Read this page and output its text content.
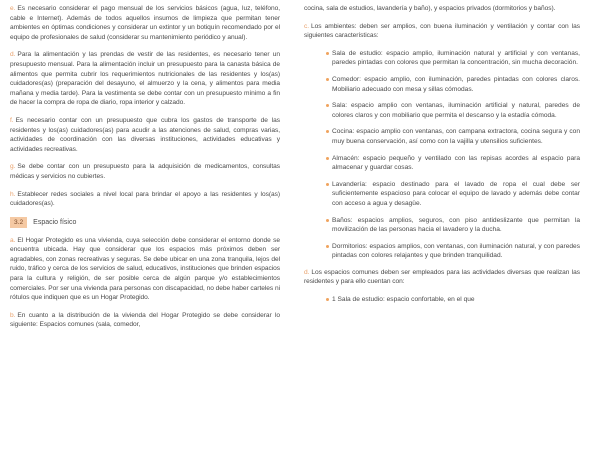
e. Es necesario considerar el pago mensual de los servicios básicos (agua, luz, teléfono, cable e Internet). Además de todos aquellos insumos de limpieza que permitan tener ambientes en óptimas condiciones y considerar un extintor y un botiquín recomendado por el equipo de profesionales de salud (considerar su mantenimiento periódico y anual).

d. Para la alimentación y las prendas de vestir de las residentes, es necesario tener un presupuesto mensual. Para la alimentación incluir un presupuesto para la canasta básica de alimentos que permita cubrir los requerimientos nutricionales de las residentes y los(as) cuidadores(as) (preparación del desayuno, el almuerzo y la cena, y alimentos para media mañana y media tarde). Para la vestimenta se debe contar con un presupuesto mínimo a fin de hacer la compra de ropa de diario, ropa interior y calzado.

f. Es necesario contar con un presupuesto que cubra los gastos de transporte de las residentes y los(as) cuidadores(as) para acudir a las atenciones de salud, compras varias, actividades de coordinación con las diversas instituciones, actividades educativas y actividades recreativas.

g. Se debe contar con un presupuesto para la adquisición de medicamentos, consultas médicas y servicios no cubiertes.

h. Establecer redes sociales a nivel local para brindar el apoyo a las residentes y los(as) cuidadores(as).

3.2	Espacio físico

a. El Hogar Protegido es una vivienda, cuya selección debe considerar el entorno donde se encuentra ubicada. Hay que considerar que los espacios más próximos deben ser agradables, con zonas recreativas y seguras. Se debe ubicar en una zona tranquila, lejos del ruido, tráfico y cerca de los servicios de salud, educativos, instituciones que brinden espacios para la cultura y religión, de ser posible cerca de algún parque y/o establecimientos comerciales. Por ser una vivienda para personas con discapacidad, no debe haber carteles ni rótulos que indiquen que es un Hogar Protegido.

b. En cuanto a la distribución de la vivienda del Hogar Protegido se debe considerar lo siguiente: Espacios comunes (sala, comedor,

cocina, sala de estudios, lavandería y baño), y espacios privados (dormitorios y baños).

c. Los ambientes: deben ser amplios, con buena iluminación y ventilación y contar con las siguientes características:

Sala de estudio: espacio amplio, iluminación natural y artificial y con ventanas, paredes pintadas con colores que permitan la concentración, sin mucha decoración.
Comedor: espacio amplio, con iluminación, paredes pintadas con colores claros. Mobiliario adecuado con mesa y sillas cómodas.
Sala: espacio amplio con ventanas, iluminación artificial y natural, paredes de colores claros y con mobiliario que permita el descanso y la estadía cómoda.
Cocina: espacio amplio con ventanas, con campana extractora, cocina segura y con muy buena conservación, así como con la vajilla y utensilios suficientes.
Almacén: espacio pequeño y ventilado con las repisas acordes al espacio para almacenar y guardar cosas.
Lavandería: espacio destinado para el lavado de ropa el cual debe ser suficientemente espacioso para colocar el equipo de lavado y además debe contar con acceso a agua y desagüe.
Baños: espacios amplios, seguros, con piso antideslizante que permitan la movilización de las personas hacia el lavadero y la ducha.
Dormitorios: espacios amplios, con ventanas, con iluminación natural, y con paredes pintadas con colores relajantes y que brinden tranquilidad.

d. Los espacios comunes deben ser empleados para las actividades diversas que realizan las residentes y para ello cuentan con:

1 Sala de estudio: espacio confortable, en el que
